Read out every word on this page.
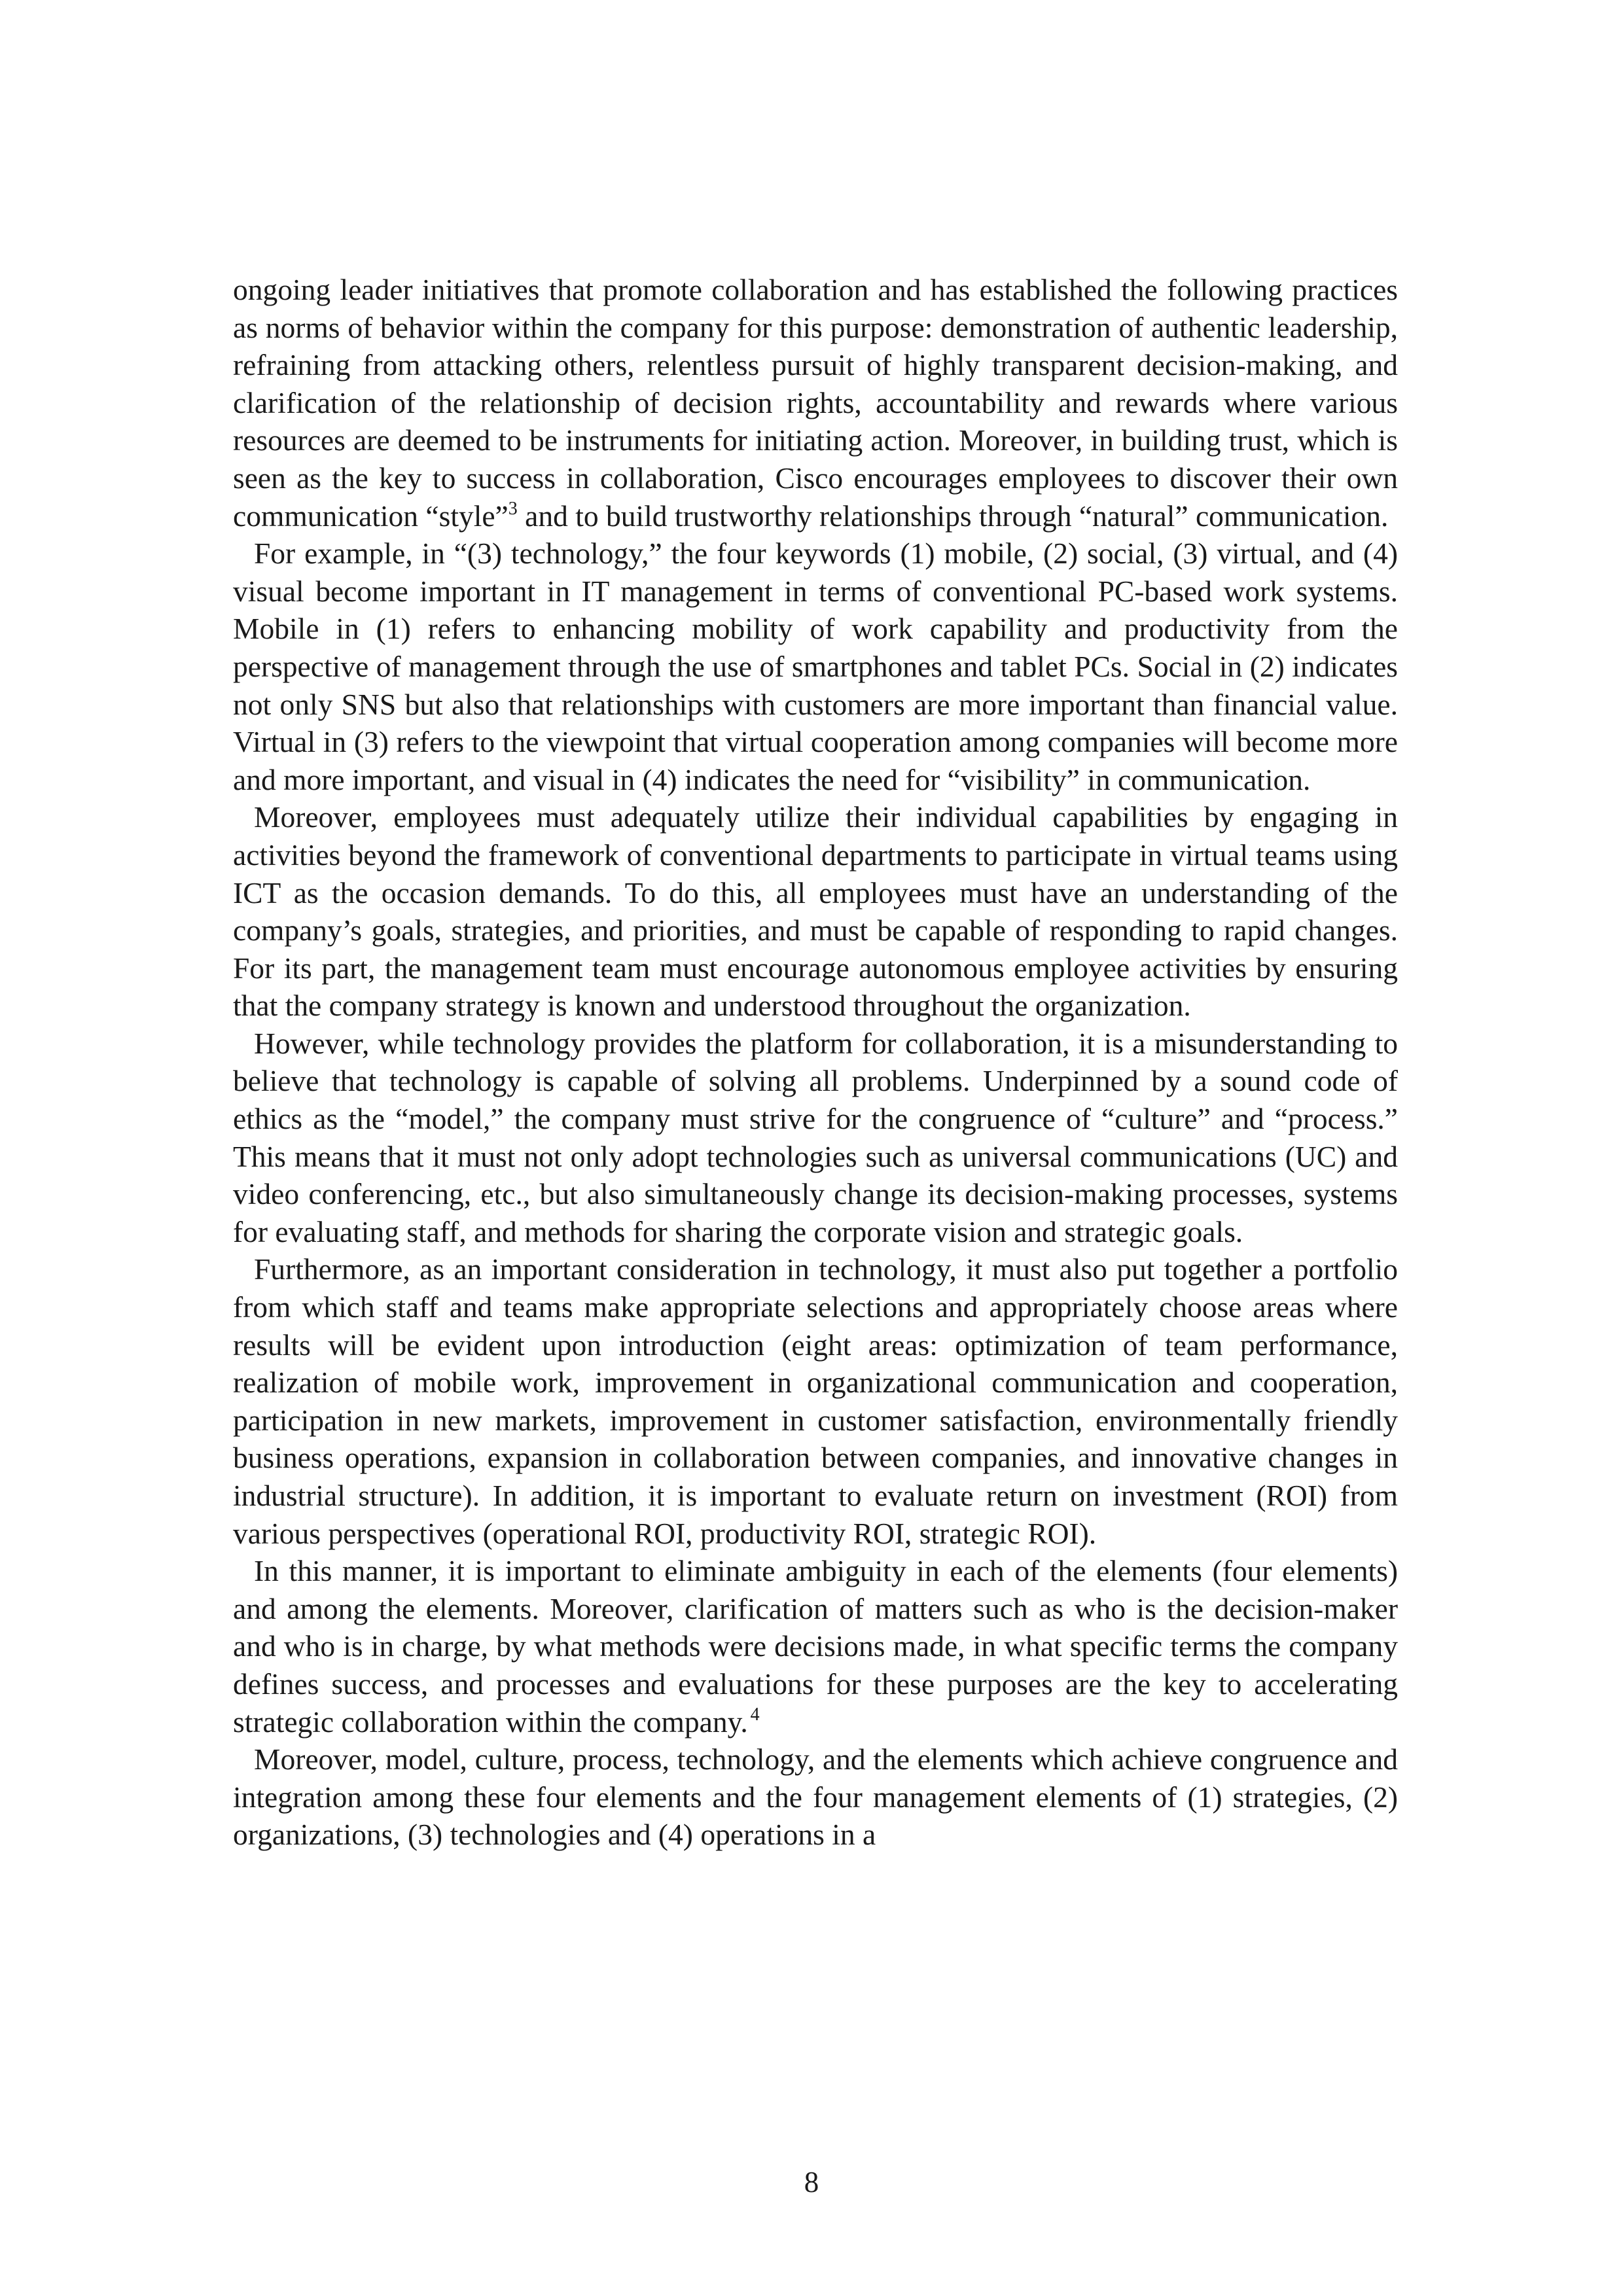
ongoing leader initiatives that promote collaboration and has established the following practices as norms of behavior within the company for this purpose: demonstration of authentic leadership, refraining from attacking others, relentless pursuit of highly transparent decision-making, and clarification of the relationship of decision rights, accountability and rewards where various resources are deemed to be instruments for initiating action. Moreover, in building trust, which is seen as the key to success in collaboration, Cisco encourages employees to discover their own communication “style”$^3$ and to build trustworthy relationships through “natural” communication.

For example, in “(3) technology,” the four keywords (1) mobile, (2) social, (3) virtual, and (4) visual become important in IT management in terms of conventional PC-based work systems. Mobile in (1) refers to enhancing mobility of work capability and productivity from the perspective of management through the use of smartphones and tablet PCs. Social in (2) indicates not only SNS but also that relationships with customers are more important than financial value. Virtual in (3) refers to the viewpoint that virtual cooperation among companies will become more and more important, and visual in (4) indicates the need for “visibility” in communication.

Moreover, employees must adequately utilize their individual capabilities by engaging in activities beyond the framework of conventional departments to participate in virtual teams using ICT as the occasion demands. To do this, all employees must have an understanding of the company’s goals, strategies, and priorities, and must be capable of responding to rapid changes. For its part, the management team must encourage autonomous employee activities by ensuring that the company strategy is known and understood throughout the organization.

However, while technology provides the platform for collaboration, it is a misunderstanding to believe that technology is capable of solving all problems. Underpinned by a sound code of ethics as the “model,” the company must strive for the congruence of “culture” and “process.” This means that it must not only adopt technologies such as universal communications (UC) and video conferencing, etc., but also simultaneously change its decision-making processes, systems for evaluating staff, and methods for sharing the corporate vision and strategic goals.

Furthermore, as an important consideration in technology, it must also put together a portfolio from which staff and teams make appropriate selections and appropriately choose areas where results will be evident upon introduction (eight areas: optimization of team performance, realization of mobile work, improvement in organizational communication and cooperation, participation in new markets, improvement in customer satisfaction, environmentally friendly business operations, expansion in collaboration between companies, and innovative changes in industrial structure). In addition, it is important to evaluate return on investment (ROI) from various perspectives (operational ROI, productivity ROI, strategic ROI).

In this manner, it is important to eliminate ambiguity in each of the elements (four elements) and among the elements. Moreover, clarification of matters such as who is the decision-maker and who is in charge, by what methods were decisions made, in what specific terms the company defines success, and processes and evaluations for these purposes are the key to accelerating strategic collaboration within the company.  $^4$

Moreover, model, culture, process, technology, and the elements which achieve congruence and integration among these four elements and the four management elements of (1) strategies, (2) organizations, (3) technologies and (4) operations in a

8
